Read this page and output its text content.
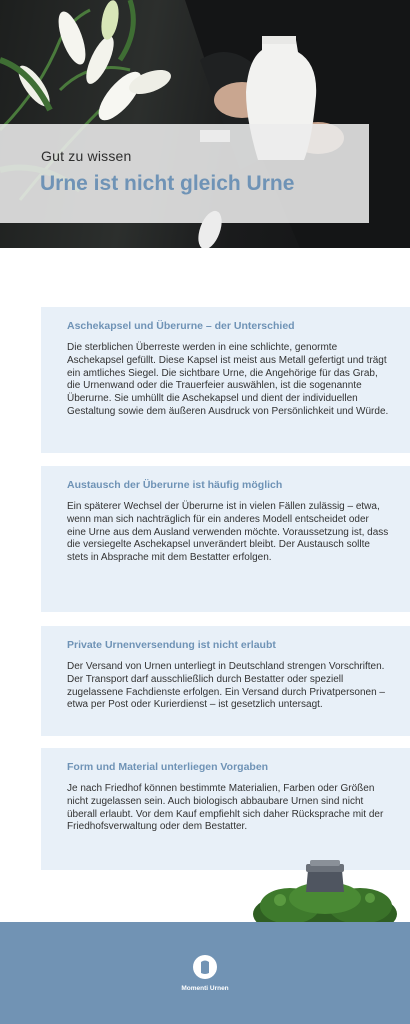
Gut zu wissen
Urne ist nicht gleich Urne
Aschekapsel und Überurne – der Unterschied

Die sterblichen Überreste werden in eine schlichte, genormte Aschekapsel gefüllt. Diese Kapsel ist meist aus Metall gefertigt und trägt ein amtliches Siegel. Die sichtbare Urne, die Angehörige für das Grab, die Urnenwand oder die Trauerfeier auswählen, ist die sogenannte Überurne. Sie umhüllt die Aschekapsel und dient der individuellen Gestaltung sowie dem äußeren Ausdruck von Persönlichkeit und Würde.

Austausch der Überurne ist häufig möglich

Ein späterer Wechsel der Überurne ist in vielen Fällen zulässig – etwa, wenn man sich nachträglich für ein anderes Modell entscheidet oder eine Urne aus dem Ausland verwenden möchte. Voraussetzung ist, dass die versiegelte Aschekapsel unverändert bleibt. Der Austausch sollte stets in Absprache mit dem Bestatter erfolgen.

Private Urnenversendung ist nicht erlaubt

Der Versand von Urnen unterliegt in Deutschland strengen Vorschriften. Der Transport darf ausschließlich durch Bestatter oder speziell zugelassene Fachdienste erfolgen. Ein Versand durch Privatpersonen – etwa per Post oder Kurierdienst – ist gesetzlich untersagt.

Form und Material unterliegen Vorgaben

Je nach Friedhof können bestimmte Materialien, Farben oder Größen nicht zugelassen sein. Auch biologisch abbaubare Urnen sind nicht überall erlaubt. Vor dem Kauf empfiehlt sich daher Rücksprache mit der Friedhofsverwaltung oder dem Bestatter.

Momenti Urnen
